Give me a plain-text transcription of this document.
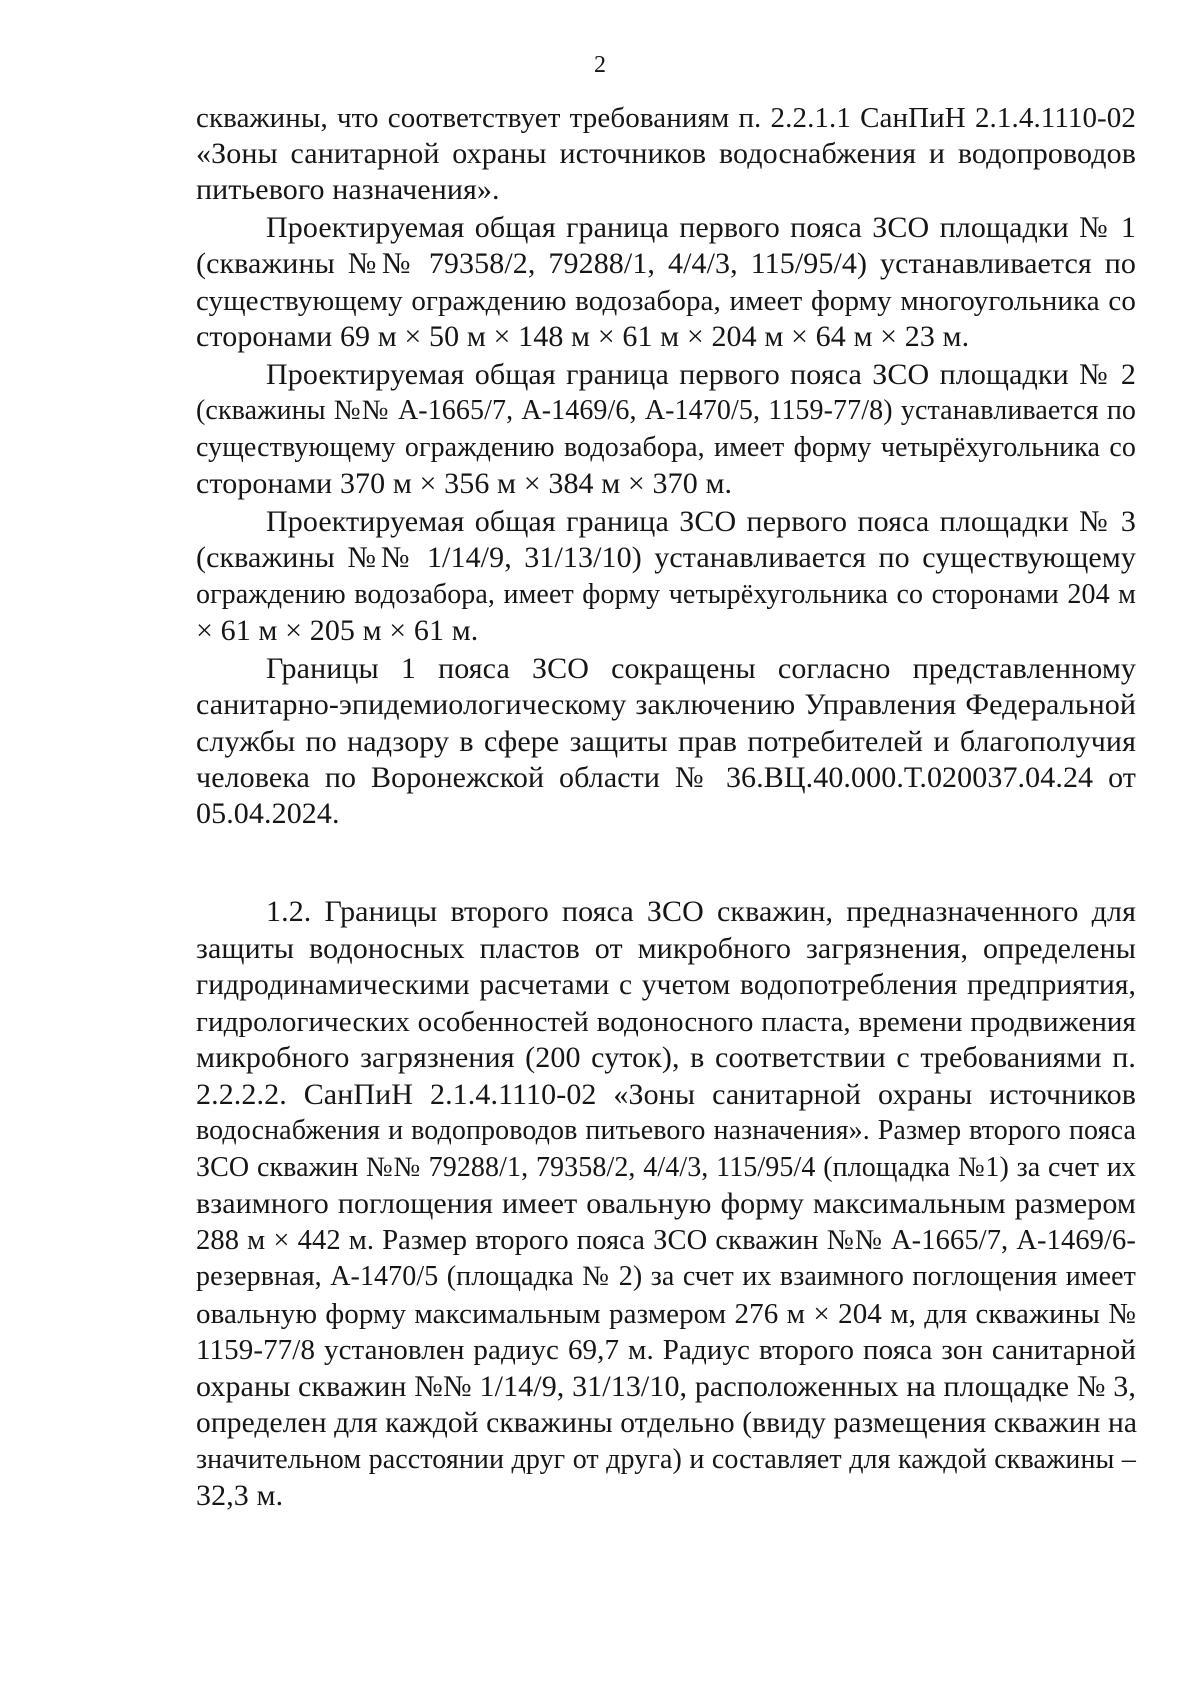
2
скважины, что соответствует требованиям п. 2.2.1.1 СанПиН 2.1.4.1110-02
«Зоны санитарной охраны источников водоснабжения и водопроводов
питьевого назначения».
Проектируемая общая граница первого пояса ЗСО площадки № 1
(скважины №№ 79358/2, 79288/1, 4/4/3, 115/95/4) устанавливается по
существующему ограждению водозабора, имеет форму многоугольника со
сторонами 69 м × 50 м × 148 м × 61 м × 204 м × 64 м × 23 м.
Проектируемая общая граница первого пояса ЗСО площадки № 2
(скважины №№ А-1665/7, А-1469/6, А-1470/5, 1159-77/8) устанавливается по
существующему ограждению водозабора, имеет форму четырёхугольника со
сторонами 370 м × 356 м × 384 м × 370 м.
Проектируемая общая граница ЗСО первого пояса площадки № 3
(скважины №№ 1/14/9, 31/13/10) устанавливается по существующему
ограждению водозабора, имеет форму четырёхугольника со сторонами 204 м
× 61 м × 205 м × 61 м.
Границы 1 пояса ЗСО сокращены согласно представленному
санитарно-эпидемиологическому заключению Управления Федеральной
службы по надзору в сфере защиты прав потребителей и благополучия
человека по Воронежской области № 36.ВЦ.40.000.Т.020037.04.24 от
05.04.2024.
1.2. Границы второго пояса ЗСО скважин, предназначенного для
защиты водоносных пластов от микробного загрязнения, определены
гидродинамическими расчетами с учетом водопотребления предприятия,
гидрологических особенностей водоносного пласта, времени продвижения
микробного загрязнения (200 суток), в соответствии с требованиями п.
2.2.2.2. СанПиН 2.1.4.1110-02 «Зоны санитарной охраны источников
водоснабжения и водопроводов питьевого назначения». Размер второго пояса
ЗСО скважин №№ 79288/1, 79358/2, 4/4/3, 115/95/4 (площадка №1) за счет их
взаимного поглощения имеет овальную форму максимальным размером
288 м × 442 м. Размер второго пояса ЗСО скважин №№ А-1665/7, А-1469/6-
резервная, А-1470/5 (площадка № 2) за счет их взаимного поглощения имеет
овальную форму максимальным размером 276 м × 204 м, для скважины №
1159-77/8 установлен радиус 69,7 м. Радиус второго пояса зон санитарной
охраны скважин №№ 1/14/9, 31/13/10, расположенных на площадке № 3,
определен для каждой скважины отдельно (ввиду размещения скважин на
значительном расстоянии друг от друга) и составляет для каждой скважины –
32,3 м.
